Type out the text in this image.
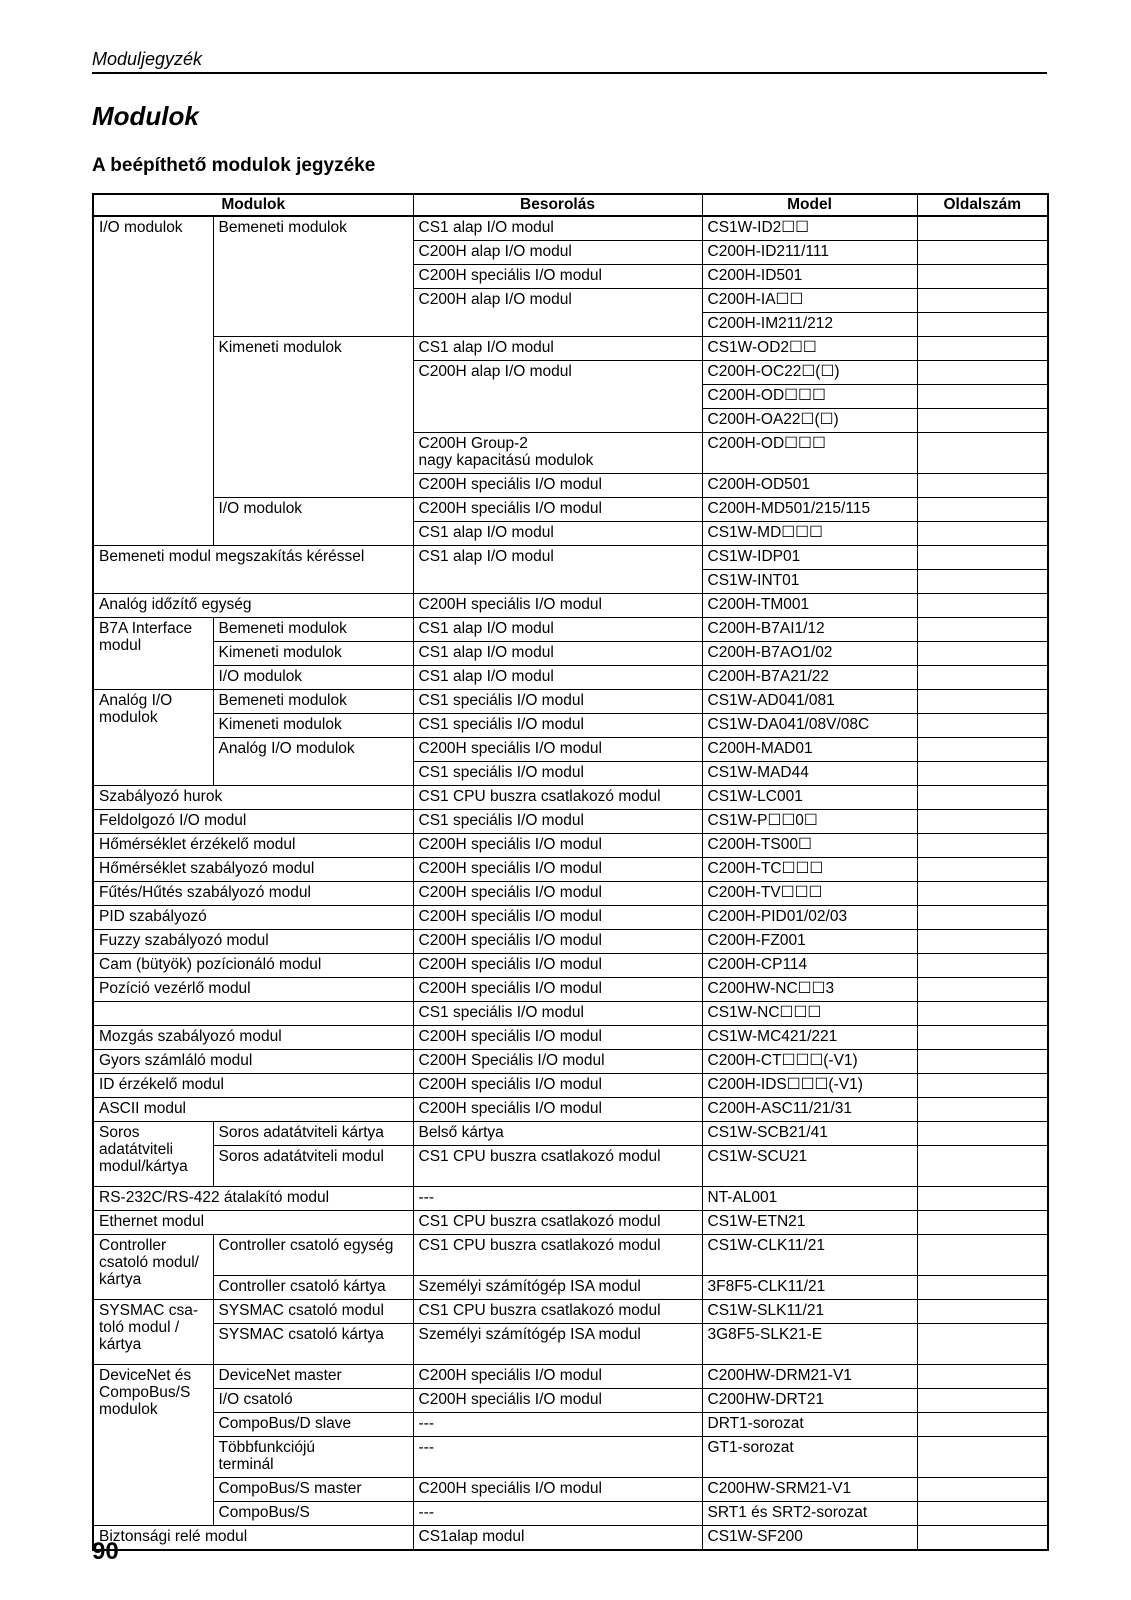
Moduljegyzék
Modulok
A beépíthető modulok jegyzéke
Modulok		Besorolás	Model	Oldalszám
I/O modulok	Bemeneti modulok	CS1 alap I/O modul	CS1W-ID2☐☐	
		C200H alap I/O modul	C200H-ID211/111	
		C200H speciális I/O modul	C200H-ID501	
		C200H alap I/O modul	C200H-IA☐☐	
			C200H-IM211/212	
	Kimeneti modulok	CS1 alap I/O modul	CS1W-OD2☐☐	
		C200H alap I/O modul	C200H-OC22☐(☐)	
			C200H-OD☐☐☐	
			C200H-OA22☐(☐)	
		C200H Group-2
nagy kapacitású modulok	C200H-OD☐☐☐	
		C200H speciális I/O modul	C200H-OD501	
	I/O modulok	C200H speciális I/O modul	C200H-MD501/215/115	
		CS1 alap I/O modul	CS1W-MD☐☐☐	
Bemeneti modul megszakítás kéréssel		CS1 alap I/O modul	CS1W-IDP01	
			CS1W-INT01	
Analóg időzítő egység		C200H speciális I/O modul	C200H-TM001	
B7A Interface modul	Bemeneti modulok	CS1 alap I/O modul	C200H-B7AI1/12	
	Kimeneti modulok	CS1 alap I/O modul	C200H-B7AO1/02	
	I/O modulok	CS1 alap I/O modul	C200H-B7A21/22	
Analóg I/O modulok	Bemeneti modulok	CS1 speciális I/O modul	CS1W-AD041/081	
	Kimeneti modulok	CS1 speciális I/O modul	CS1W-DA041/08V/08C	
	Analóg I/O modulok	C200H speciális I/O modul	C200H-MAD01	
		CS1 speciális I/O modul	CS1W-MAD44	
Szabályozó hurok		CS1 CPU buszra csatlakozó modul	CS1W-LC001	
Feldolgozó I/O modul		CS1 speciális I/O modul	CS1W-P☐☐0☐	
Hőmérséklet érzékelő modul		C200H speciális I/O modul	C200H-TS00☐	
Hőmérséklet szabályozó modul		C200H speciális I/O modul	C200H-TC☐☐☐	
Fűtés/Hűtés szabályozó modul		C200H speciális I/O modul	C200H-TV☐☐☐	
PID szabályozó		C200H speciális I/O modul	C200H-PID01/02/03	
Fuzzy szabályozó modul		C200H speciális I/O modul	C200H-FZ001	
Cam (bütyök) pozícionáló modul		C200H speciális I/O modul	C200H-CP114	
Pozíció vezérlő modul		C200H speciális I/O modul	C200HW-NC☐☐3	
		CS1 speciális I/O modul	CS1W-NC☐☐☐	
Mozgás szabályozó modul		C200H speciális I/O modul	CS1W-MC421/221	
Gyors számláló modul		C200H Speciális I/O modul	C200H-CT☐☐☐(-V1)	
ID érzékelő modul		C200H speciális I/O modul	C200H-IDS☐☐☐(-V1)	
ASCII modul		C200H speciális I/O modul	C200H-ASC11/21/31	
Soros
adatátviteli
modul/kártya	Soros adatátviteli kártya	Belső kártya	CS1W-SCB21/41	
	Soros adatátviteli modul	CS1 CPU buszra csatlakozó modul	CS1W-SCU21	
RS-232C/RS-422 átalakító modul		---	NT-AL001	
Ethernet modul		CS1 CPU buszra csatlakozó modul	CS1W-ETN21	
Controller
csatoló modul/
kártya	Controller csatoló egység	CS1 CPU buszra csatlakozó modul	CS1W-CLK11/21	
	Controller csatoló kártya	Személyi számítógép ISA modul	3F8F5-CLK11/21	
SYSMAC csa-
toló modul /
kártya	SYSMAC csatoló modul	CS1 CPU buszra csatlakozó modul	CS1W-SLK11/21	
	SYSMAC csatoló kártya	Személyi számítógép ISA modul	3G8F5-SLK21-E	
DeviceNet és
CompoBus/S
modulok	DeviceNet master	C200H speciális I/O modul	C200HW-DRM21-V1	
	I/O csatoló	C200H speciális I/O modul	C200HW-DRT21	
	CompoBus/D slave	---	DRT1-sorozat	
	Többfunkciójú
terminál	---	GT1-sorozat	
	CompoBus/S master	C200H speciális I/O modul	C200HW-SRM21-V1	
	CompoBus/S	---	SRT1 és SRT2-sorozat	
Biztonsági relé modul		CS1alap modul	CS1W-SF200	
90
